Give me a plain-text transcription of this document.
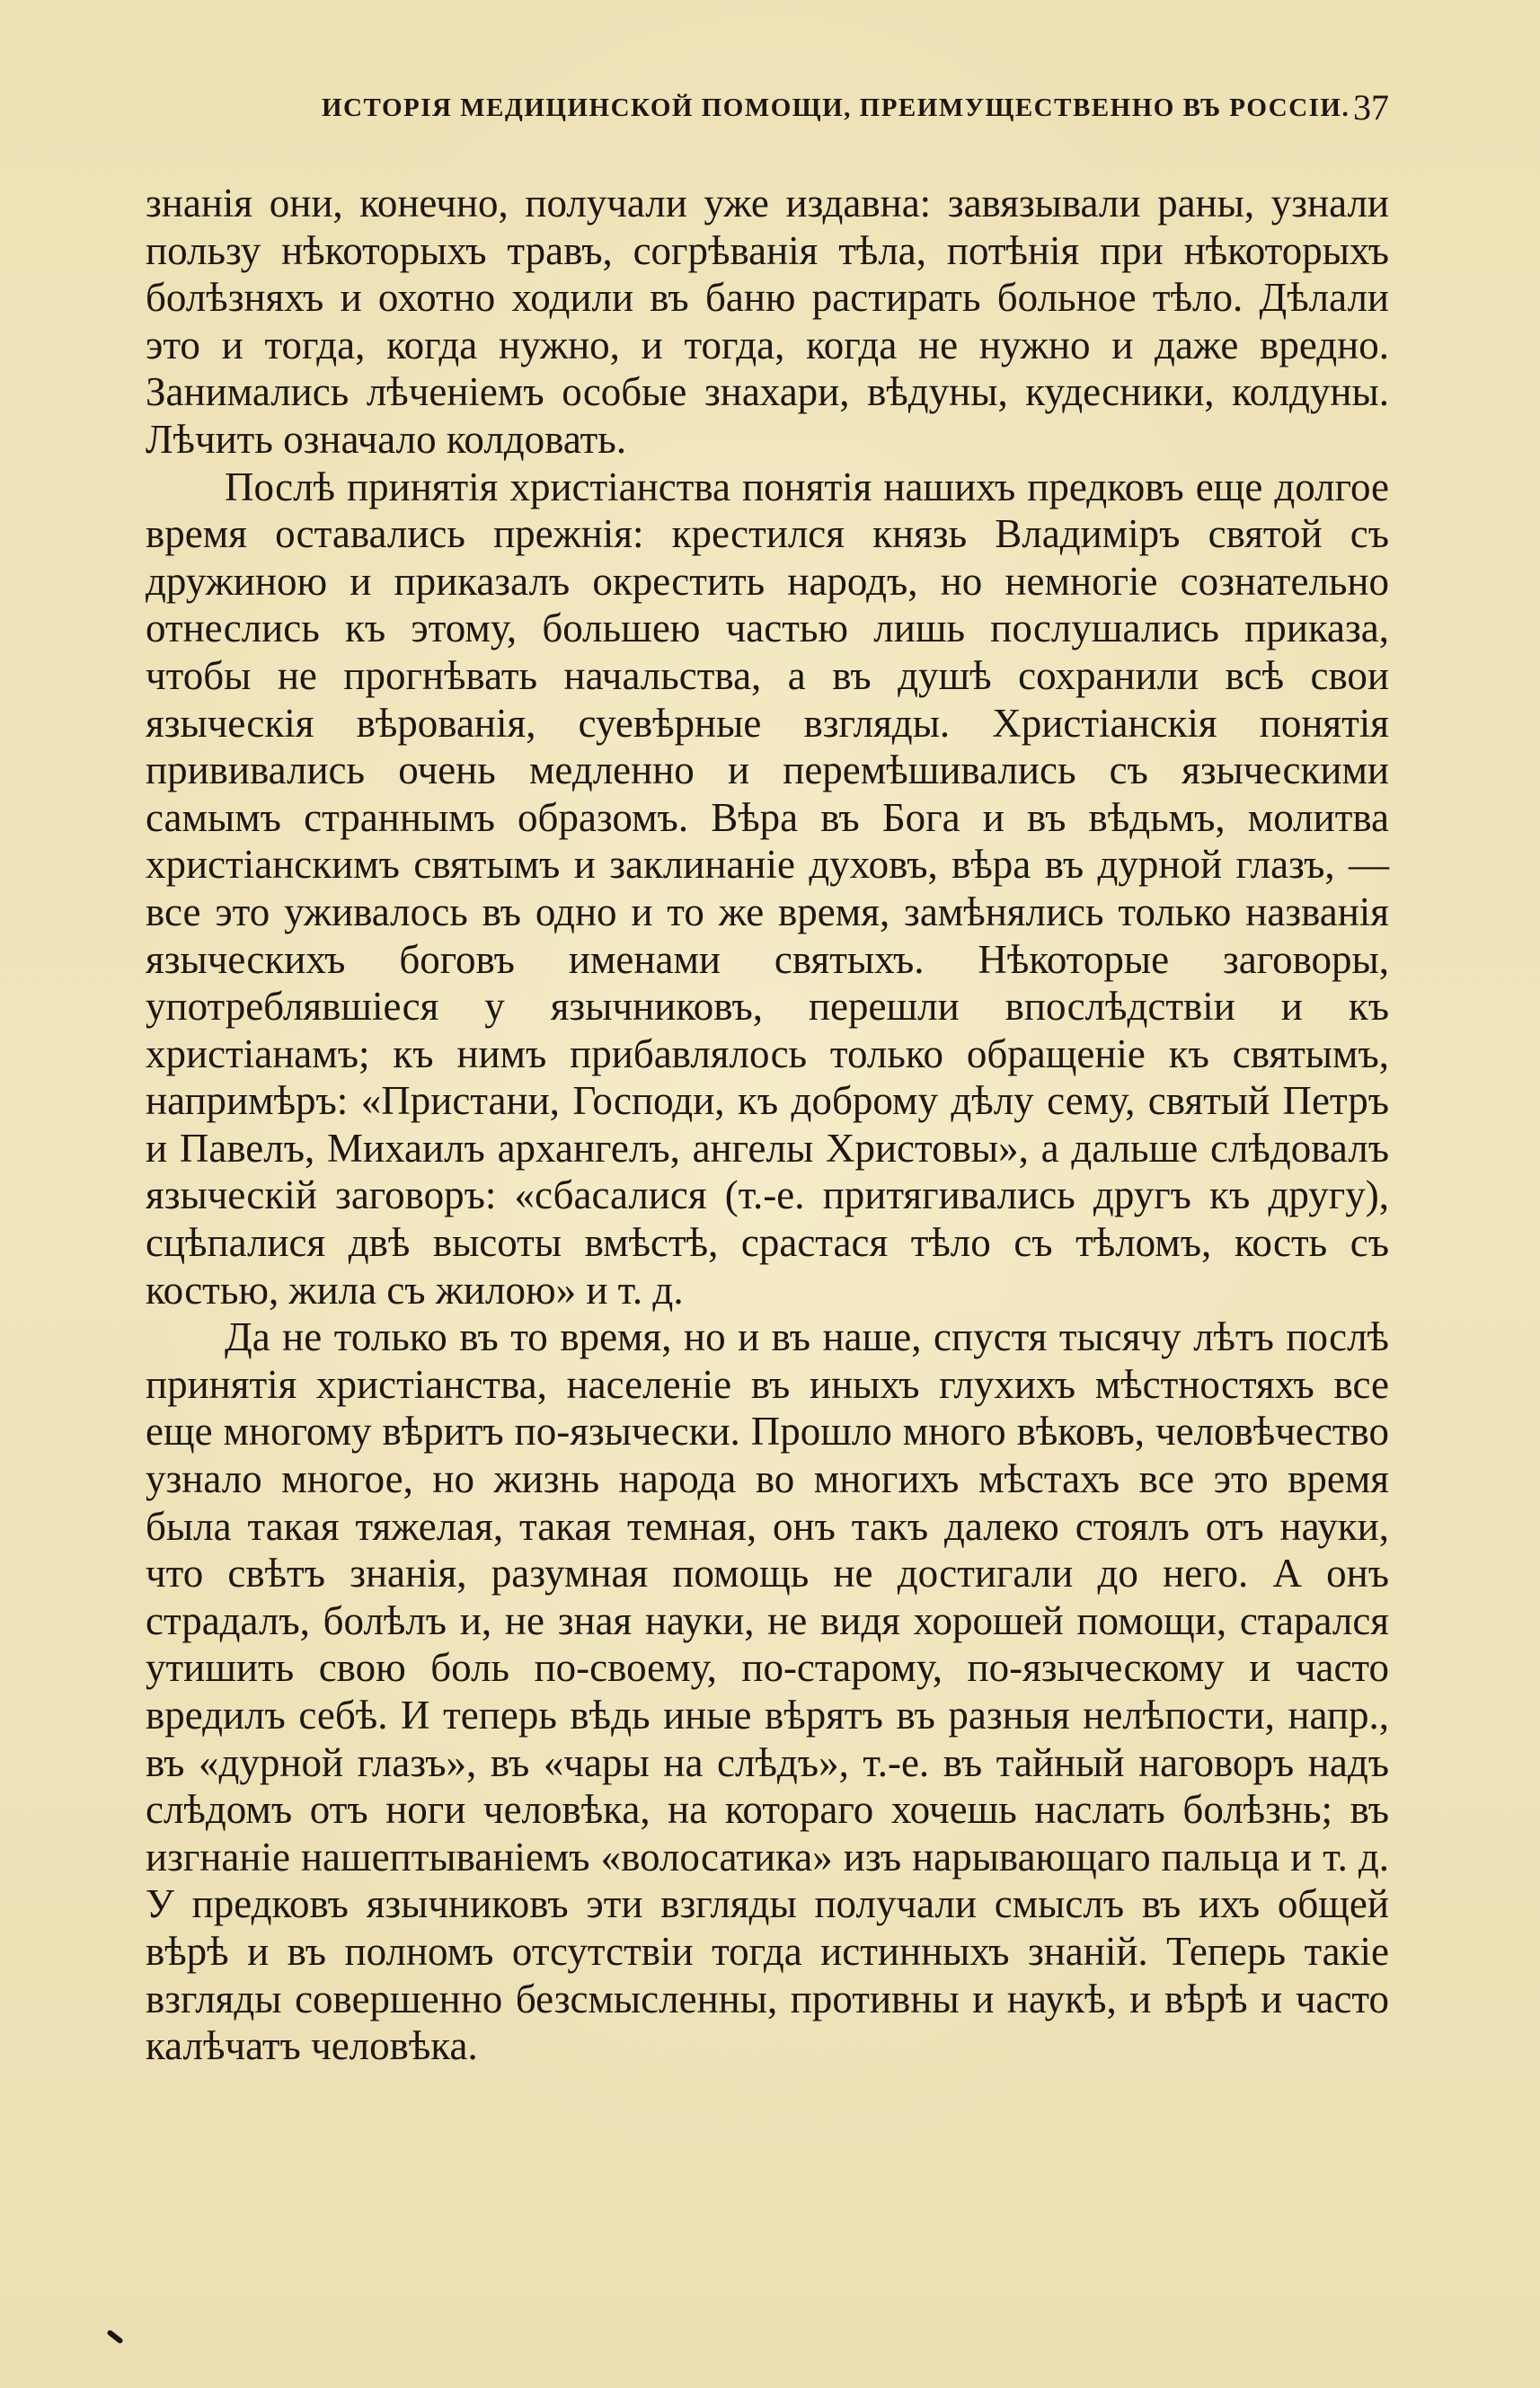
ИСТОРІЯ МЕДИЦИНСКОЙ ПОМОЩИ, ПРЕИМУЩЕСТВЕННО ВЪ РОССІИ. 37

знанія они, конечно, получали уже издавна: завязывали раны, узнали пользу нѣкоторыхъ травъ, согрѣванія тѣла, потѣнія при нѣкоторыхъ болѣзняхъ и охотно ходили въ баню растирать больное тѣло. Дѣлали это и тогда, когда нужно, и тогда, когда не нужно и даже вредно. Занимались лѣченіемъ особые знахари, вѣдуны, кудесники, колдуны. Лѣчить означало колдовать.

Послѣ принятія христіанства понятія нашихъ предковъ еще долгое время оставались прежнія: крестился князь Владиміръ святой съ дружиною и приказалъ окрестить народъ, но немногіе сознательно отнеслись къ этому, большею частью лишь послушались приказа, чтобы не прогнѣвать начальства, а въ душѣ сохранили всѣ свои языческія вѣрованія, суевѣрные взгляды. Христіанскія понятія прививались очень медленно и перемѣшивались съ языческими самымъ страннымъ образомъ. Вѣра въ Бога и въ вѣдьмъ, молитва христіанскимъ святымъ и заклинаніе духовъ, вѣра въ дурной глазъ, — все это уживалось въ одно и то же время, замѣнялись только названія языческихъ боговъ именами святыхъ. Нѣкоторые заговоры, употреблявшіеся у язычниковъ, перешли впослѣдствіи и къ христіанамъ; къ нимъ прибавлялось только обращеніе къ святымъ, напримѣръ: «Пристани, Господи, къ доброму дѣлу сему, святый Петръ и Павелъ, Михаилъ архангелъ, ангелы Христовы», а дальше слѣдовалъ языческій заговоръ: «сбасалися (т.-е. притягивались другъ къ другу), сцѣпалися двѣ высоты вмѣстѣ, срастася тѣло съ тѣломъ, кость съ костью, жила съ жилою» и т. д.

Да не только въ то время, но и въ наше, спустя тысячу лѣтъ послѣ принятія христіанства, населеніе въ иныхъ глухихъ мѣстностяхъ все еще многому вѣритъ по-язычески. Прошло много вѣковъ, человѣчество узнало многое, но жизнь народа во многихъ мѣстахъ все это время была такая тяжелая, такая темная, онъ такъ далеко стоялъ отъ науки, что свѣтъ знанія, разумная помощь не достигали до него. А онъ страдалъ, болѣлъ и, не зная науки, не видя хорошей помощи, старался утишить свою боль по-своему, по-старому, по-языческому и часто вредилъ себѣ. И теперь вѣдь иные вѣрятъ въ разныя нелѣпости, напр., въ «дурной глазъ», въ «чары на слѣдъ», т.-е. въ тайный наговоръ надъ слѣдомъ отъ ноги человѣка, на котораго хочешь наслать болѣзнь; въ изгнаніе нашептываніемъ «волосатика» изъ нарывающаго пальца и т. д. У предковъ язычниковъ эти взгляды получали смыслъ въ ихъ общей вѣрѣ и въ полномъ отсутствіи тогда истинныхъ знаній. Теперь такіе взгляды совершенно безсмысленны, противны и наукѣ, и вѣрѣ и часто калѣчатъ человѣка.
